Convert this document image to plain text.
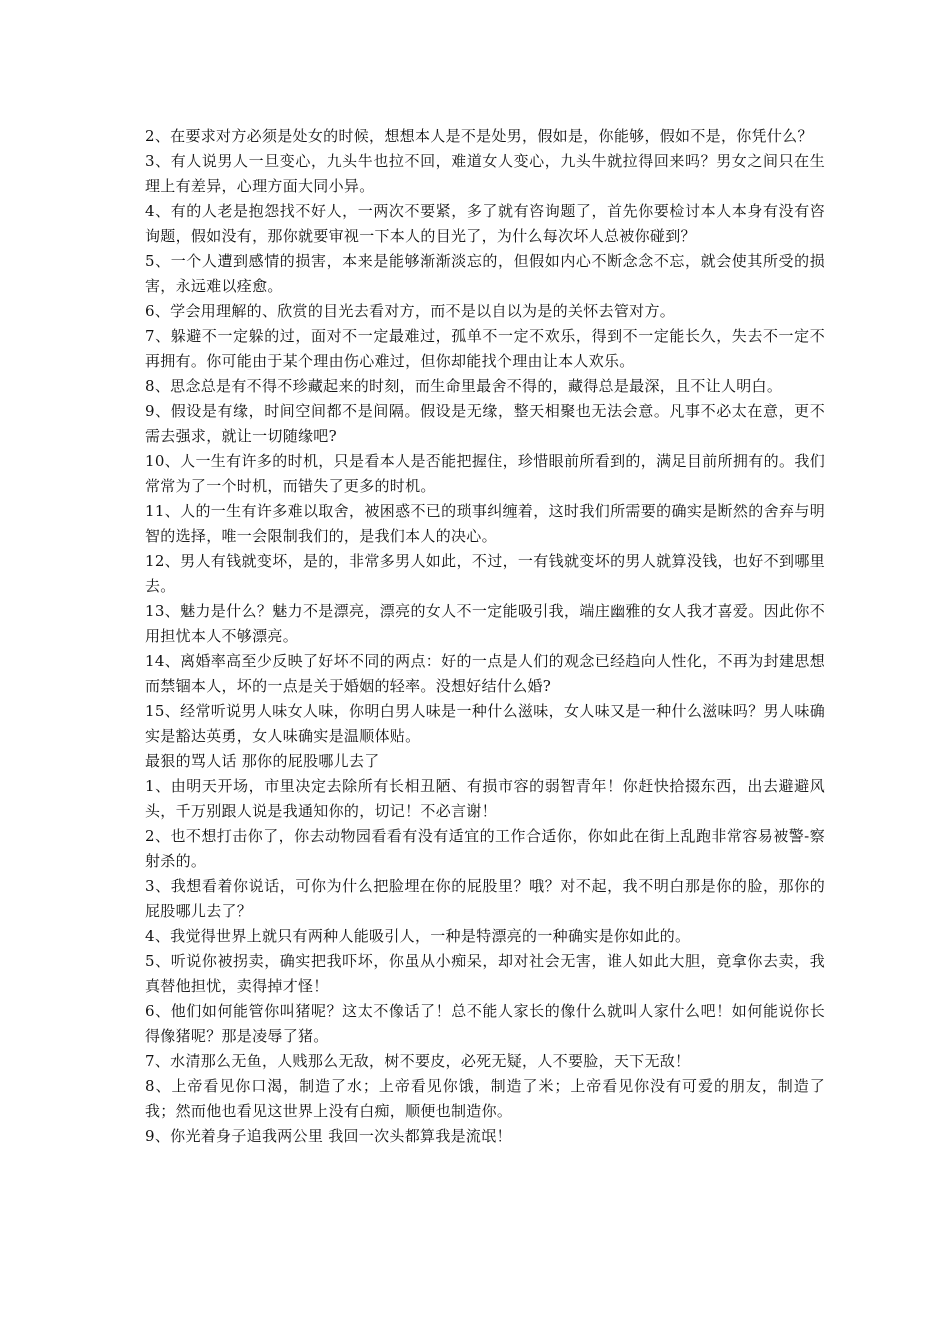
2、在要求对方必须是处女的时候，想想本人是不是处男，假如是，你能够，假如不是，你凭什么？

3、有人说男人一旦变心，九头牛也拉不回，难道女人变心，九头牛就拉得回来吗？男女之间只在生理上有差异，心理方面大同小异。

4、有的人老是抱怨找不好人，一两次不要紧，多了就有咨询题了，首先你要检讨本人本身有没有咨询题，假如没有，那你就要审视一下本人的目光了，为什么每次坏人总被你碰到？

5、一个人遭到感情的损害，本来是能够渐渐淡忘的，但假如内心不断念念不忘，就会使其所受的损害，永远难以痊愈。

6、学会用理解的、欣赏的目光去看对方，而不是以自以为是的关怀去管对方。

7、躲避不一定躲的过，面对不一定最难过，孤单不一定不欢乐，得到不一定能长久，失去不一定不再拥有。你可能由于某个理由伤心难过，但你却能找个理由让本人欢乐。

8、思念总是有不得不珍藏起来的时刻，而生命里最舍不得的，藏得总是最深，且不让人明白。

9、假设是有缘，时间空间都不是间隔。假设是无缘，整天相聚也无法会意。凡事不必太在意，更不需去强求，就让一切随缘吧?

10、人一生有许多的时机，只是看本人是否能把握住，珍惜眼前所看到的，满足目前所拥有的。我们常常为了一个时机，而错失了更多的时机。

11、人的一生有许多难以取舍，被困惑不已的琐事纠缠着，这时我们所需要的确实是断然的舍弃与明智的选择，唯一会限制我们的，是我们本人的决心。

12、男人有钱就变坏，是的，非常多男人如此，不过，一有钱就变坏的男人就算没钱，也好不到哪里去。

13、魅力是什么？魅力不是漂亮，漂亮的女人不一定能吸引我，端庄幽雅的女人我才喜爱。因此你不用担忧本人不够漂亮。

14、离婚率高至少反映了好坏不同的两点：好的一点是人们的观念已经趋向人性化，不再为封建思想而禁锢本人，坏的一点是关于婚姻的轻率。没想好结什么婚?

15、经常听说男人味女人味，你明白男人味是一种什么滋味，女人味又是一种什么滋味吗？男人味确实是豁达英勇，女人味确实是温顺体贴。

最狠的骂人话 那你的屁股哪儿去了

1、由明天开场，市里决定去除所有长相丑陋、有损市容的弱智青年！你赶快拾掇东西，出去避避风头，千万别跟人说是我通知你的，切记！不必言谢！

2、也不想打击你了，你去动物园看看有没有适宜的工作合适你，你如此在街上乱跑非常容易被警-察射杀的。

3、我想看着你说话，可你为什么把脸埋在你的屁股里？哦？对不起，我不明白那是你的脸，那你的屁股哪儿去了？

4、我觉得世界上就只有两种人能吸引人，一种是特漂亮的一种确实是你如此的。

5、听说你被拐卖，确实把我吓坏，你虽从小痴呆，却对社会无害，谁人如此大胆，竟拿你去卖，我真替他担忧，卖得掉才怪！

6、他们如何能管你叫猪呢？这太不像话了！总不能人家长的像什么就叫人家什么吧！如何能说你长得像猪呢？那是凌辱了猪。

7、水清那么无鱼，人贱那么无敌，树不要皮，必死无疑，人不要脸，天下无敌！

8、上帝看见你口渴，制造了水；上帝看见你饿，制造了米；上帝看见你没有可爱的朋友，制造了我；然而他也看见这世界上没有白痴，顺便也制造你。

9、你光着身子追我两公里 我回一次头都算我是流氓！
